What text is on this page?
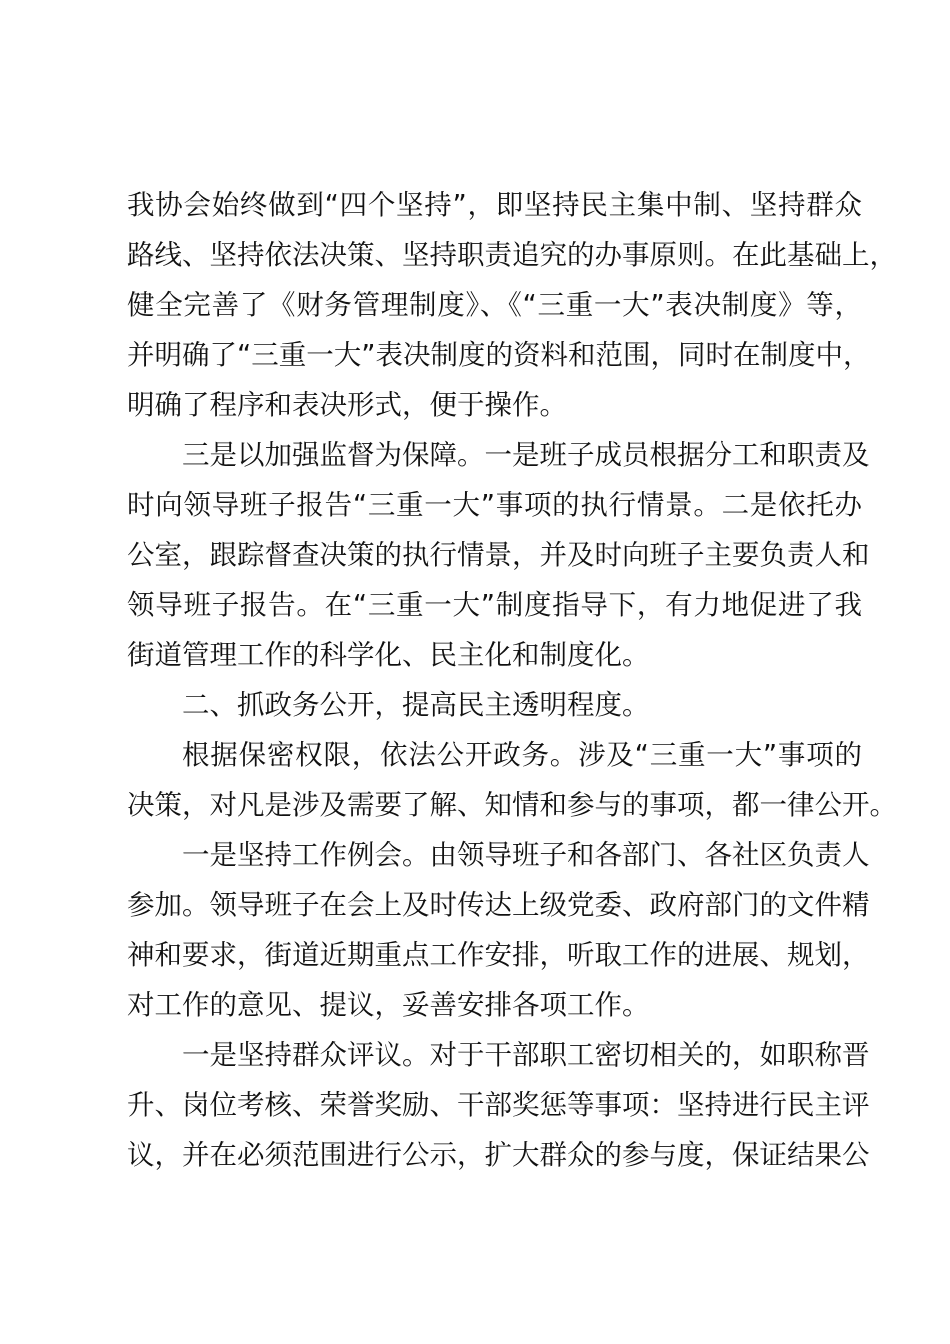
我协会始终做到“四个坚持”，即坚持民主集中制、坚持群众
路线、坚持依法决策、坚持职责追究的办事原则。在此基础上，
健全完善了《财务管理制度》、《“三重一大”表决制度》等，
并明确了“三重一大”表决制度的资料和范围，同时在制度中，
明确了程序和表决形式，便于操作。
三是以加强监督为保障。一是班子成员根据分工和职责及
时向领导班子报告“三重一大”事项的执行情景。二是依托办
公室，跟踪督查决策的执行情景，并及时向班子主要负责人和
领导班子报告。在“三重一大”制度指导下，有力地促进了我
街道管理工作的科学化、民主化和制度化。
二、抓政务公开，提高民主透明程度。
根据保密权限，依法公开政务。涉及“三重一大”事项的
决策，对凡是涉及需要了解、知情和参与的事项，都一律公开。
一是坚持工作例会。由领导班子和各部门、各社区负责人
参加。领导班子在会上及时传达上级党委、政府部门的文件精
神和要求，街道近期重点工作安排，听取工作的进展、规划，
对工作的意见、提议，妥善安排各项工作。
一是坚持群众评议。对于干部职工密切相关的，如职称晋
升、岗位考核、荣誉奖励、干部奖惩等事项：坚持进行民主评
议，并在必须范围进行公示，扩大群众的参与度，保证结果公
